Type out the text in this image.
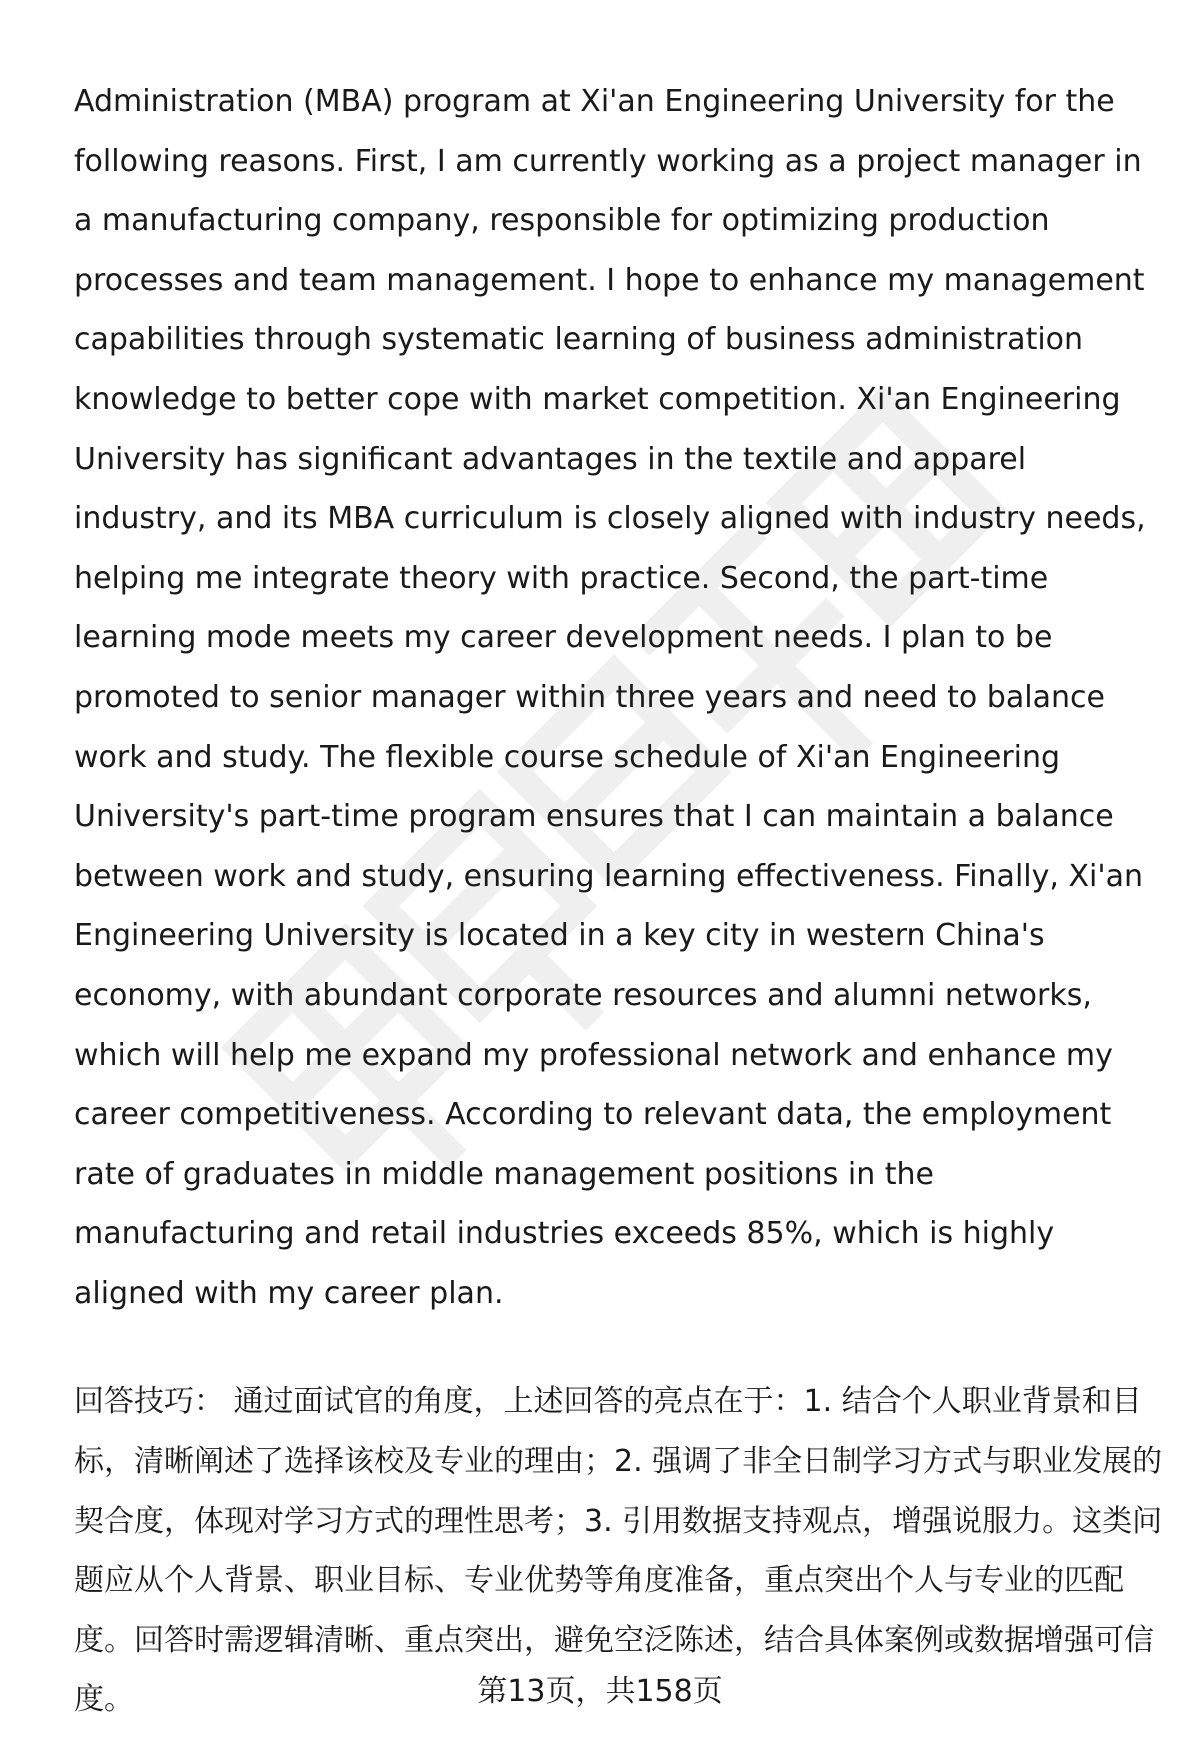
Administration (MBA) program at Xi'an Engineering University for the following reasons. First, I am currently working as a project manager in a manufacturing company, responsible for optimizing production processes and team management. I hope to enhance my management capabilities through systematic learning of business administration knowledge to better cope with market competition. Xi'an Engineering University has significant advantages in the textile and apparel industry, and its MBA curriculum is closely aligned with industry needs, helping me integrate theory with practice. Second, the part-time learning mode meets my career development needs. I plan to be promoted to senior manager within three years and need to balance work and study. The flexible course schedule of Xi'an Engineering University's part-time program ensures that I can maintain a balance between work and study, ensuring learning effectiveness. Finally, Xi'an Engineering University is located in a key city in western China's economy, with abundant corporate resources and alumni networks, which will help me expand my professional network and enhance my career competitiveness. According to relevant data, the employment rate of graduates in middle management positions in the manufacturing and retail industries exceeds 85%, which is highly aligned with my career plan.

回答技巧： 通过面试官的角度，上述回答的亮点在于：1. 结合个人职业背景和目标，清晰阐述了选择该校及专业的理由；2. 强调了非全日制学习方式与职业发展的契合度，体现对学习方式的理性思考；3. 引用数据支持观点，增强说服力。这类问题应从个人背景、职业目标、专业优势等角度准备，重点突出个人与专业的匹配度。回答时需逻辑清晰、重点突出，避免空泛陈述，结合具体案例或数据增强可信度。	第13页，共158页
